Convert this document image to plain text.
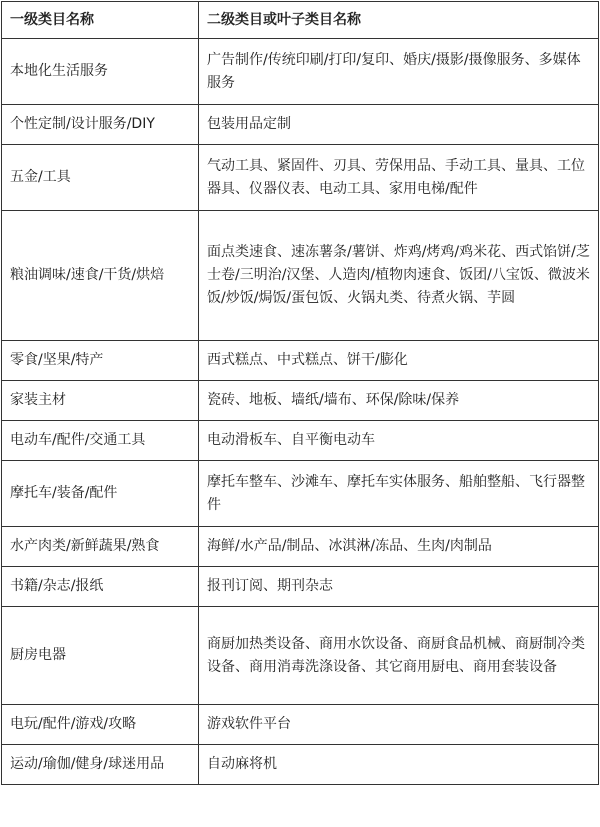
一级类目名称	二级类目或叶子类目名称
本地化生活服务	广告制作/传统印刷/打印/复印、婚庆/摄影/摄像服务、多媒体服务
个性定制/设计服务/DIY	包装用品定制
五金/工具	气动工具、紧固件、刃具、劳保用品、手动工具、量具、工位器具、仪器仪表、电动工具、家用电梯/配件
粮油调味/速食/干货/烘焙	面点类速食、速冻薯条/薯饼、炸鸡/烤鸡/鸡米花、西式馅饼/芝士卷/三明治/汉堡、人造肉/植物肉速食、饭团/八宝饭、微波米饭/炒饭/焗饭/蛋包饭、火锅丸类、待煮火锅、芋圆
零食/坚果/特产	西式糕点、中式糕点、饼干/膨化
家装主材	瓷砖、地板、墙纸/墙布、环保/除味/保养
电动车/配件/交通工具	电动滑板车、自平衡电动车
摩托车/装备/配件	摩托车整车、沙滩车、摩托车实体服务、船舶整船、飞行器整件
水产肉类/新鲜蔬果/熟食	海鲜/水产品/制品、冰淇淋/冻品、生肉/肉制品
书籍/杂志/报纸	报刊订阅、期刊杂志
厨房电器	商厨加热类设备、商用水饮设备、商厨食品机械、商厨制冷类设备、商用消毒洗涤设备、其它商用厨电、商用套装设备
电玩/配件/游戏/攻略	游戏软件平台
运动/瑜伽/健身/球迷用品	自动麻将机
